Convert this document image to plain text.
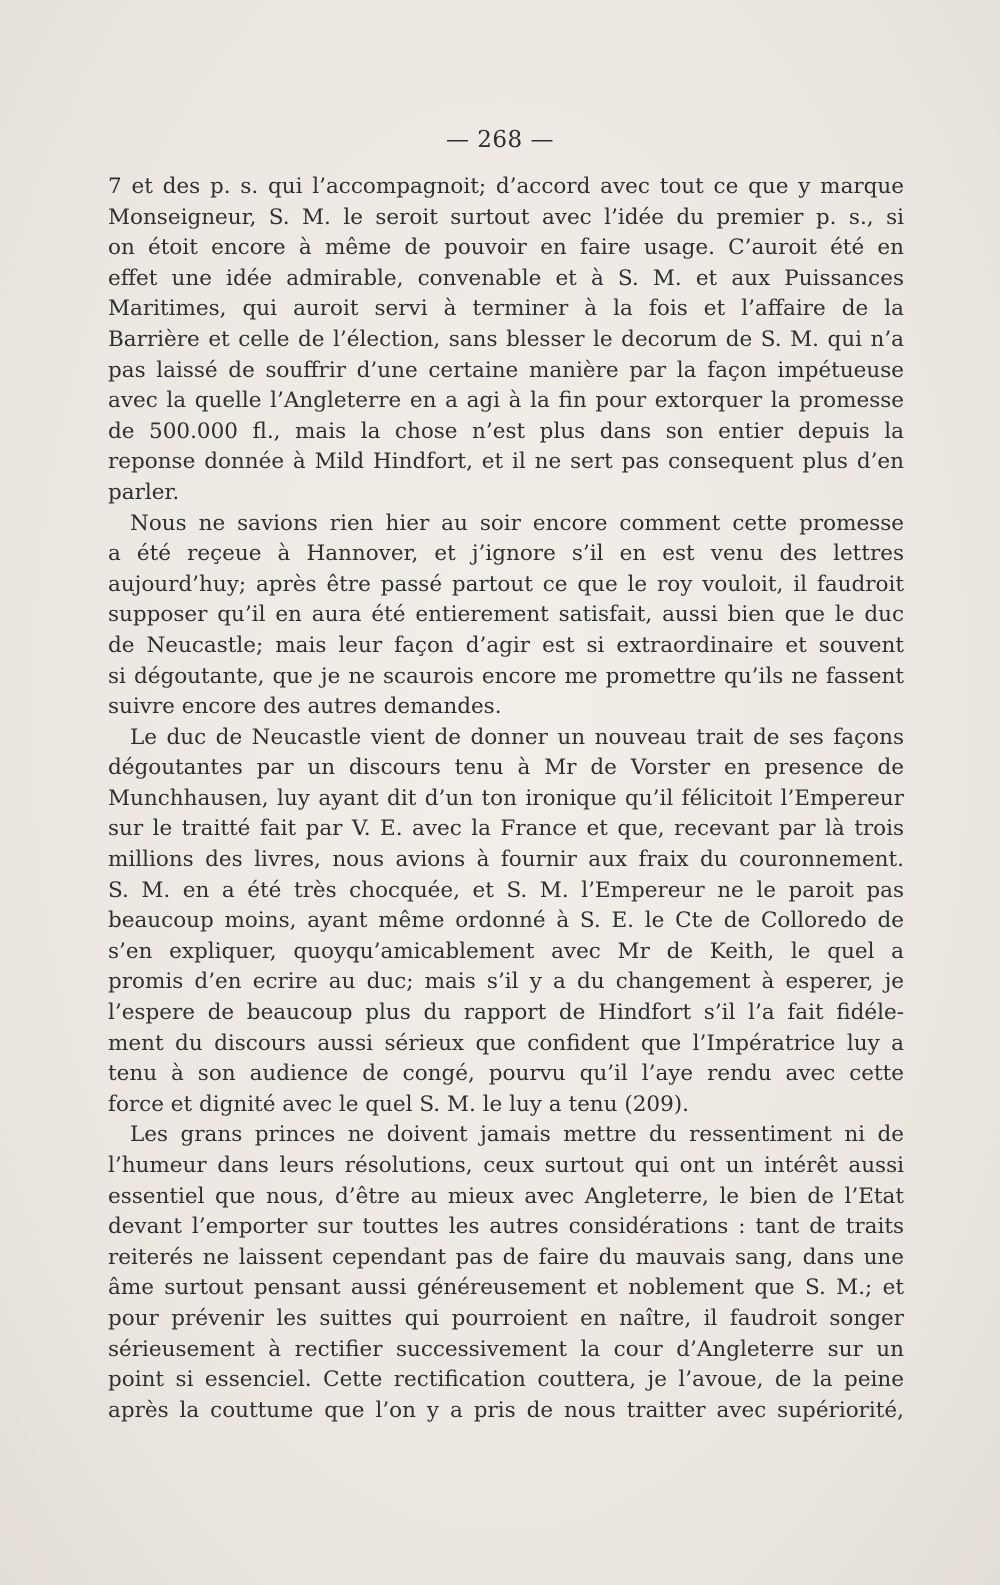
— 268 —

7 et des p. s. qui l’accompagnoit; d’accord avec tout ce que y marque
Monseigneur, S. M. le seroit surtout avec l’idée du premier p. s., si
on étoit encore à même de pouvoir en faire usage. C’auroit été en
effet une idée admirable, convenable et à S. M. et aux Puissances
Maritimes, qui auroit servi à terminer à la fois et l’affaire de la
Barrière et celle de l’élection, sans blesser le decorum de S. M. qui n’a
pas laissé de souffrir d’une certaine manière par la façon impétueuse
avec la quelle l’Angleterre en a agi à la fin pour extorquer la promesse
de 500.000 fl., mais la chose n’est plus dans son entier depuis la
reponse donnée à Mild Hindfort, et il ne sert pas consequent plus d’en
parler.
Nous ne savions rien hier au soir encore comment cette promesse
a été reçeue à Hannover, et j’ignore s’il en est venu des lettres
aujourd’huy; après être passé partout ce que le roy vouloit, il faudroit
supposer qu’il en aura été entierement satisfait, aussi bien que le duc
de Neucastle; mais leur façon d’agir est si extraordinaire et souvent
si dégoutante, que je ne scaurois encore me promettre qu’ils ne fassent
suivre encore des autres demandes.
Le duc de Neucastle vient de donner un nouveau trait de ses façons
dégoutantes par un discours tenu à Mr de Vorster en presence de
Munchhausen, luy ayant dit d’un ton ironique qu’il félicitoit l’Empereur
sur le traitté fait par V. E. avec la France et que, recevant par là trois
millions des livres, nous avions à fournir aux fraix du couronnement.
S. M. en a été très chocquée, et S. M. l’Empereur ne le paroit pas
beaucoup moins, ayant même ordonné à S. E. le Cte de Colloredo de
s’en expliquer, quoyqu’amicablement avec Mr de Keith, le quel a
promis d’en ecrire au duc; mais s’il y a du changement à esperer, je
l’espere de beaucoup plus du rapport de Hindfort s’il l’a fait fidéle-
ment du discours aussi sérieux que confident que l’Impératrice luy a
tenu à son audience de congé, pourvu qu’il l’aye rendu avec cette
force et dignité avec le quel S. M. le luy a tenu (209).
Les grans princes ne doivent jamais mettre du ressentiment ni de
l’humeur dans leurs résolutions, ceux surtout qui ont un intérêt aussi
essentiel que nous, d’être au mieux avec Angleterre, le bien de l’Etat
devant l’emporter sur touttes les autres considérations : tant de traits
reiterés ne laissent cependant pas de faire du mauvais sang, dans une
âme surtout pensant aussi généreusement et noblement que S. M.; et
pour prévenir les suittes qui pourroient en naître, il faudroit songer
sérieusement à rectifier successivement la cour d’Angleterre sur un
point si essenciel. Cette rectification couttera, je l’avoue, de la peine
après la couttume que l’on y a pris de nous traitter avec supériorité,
